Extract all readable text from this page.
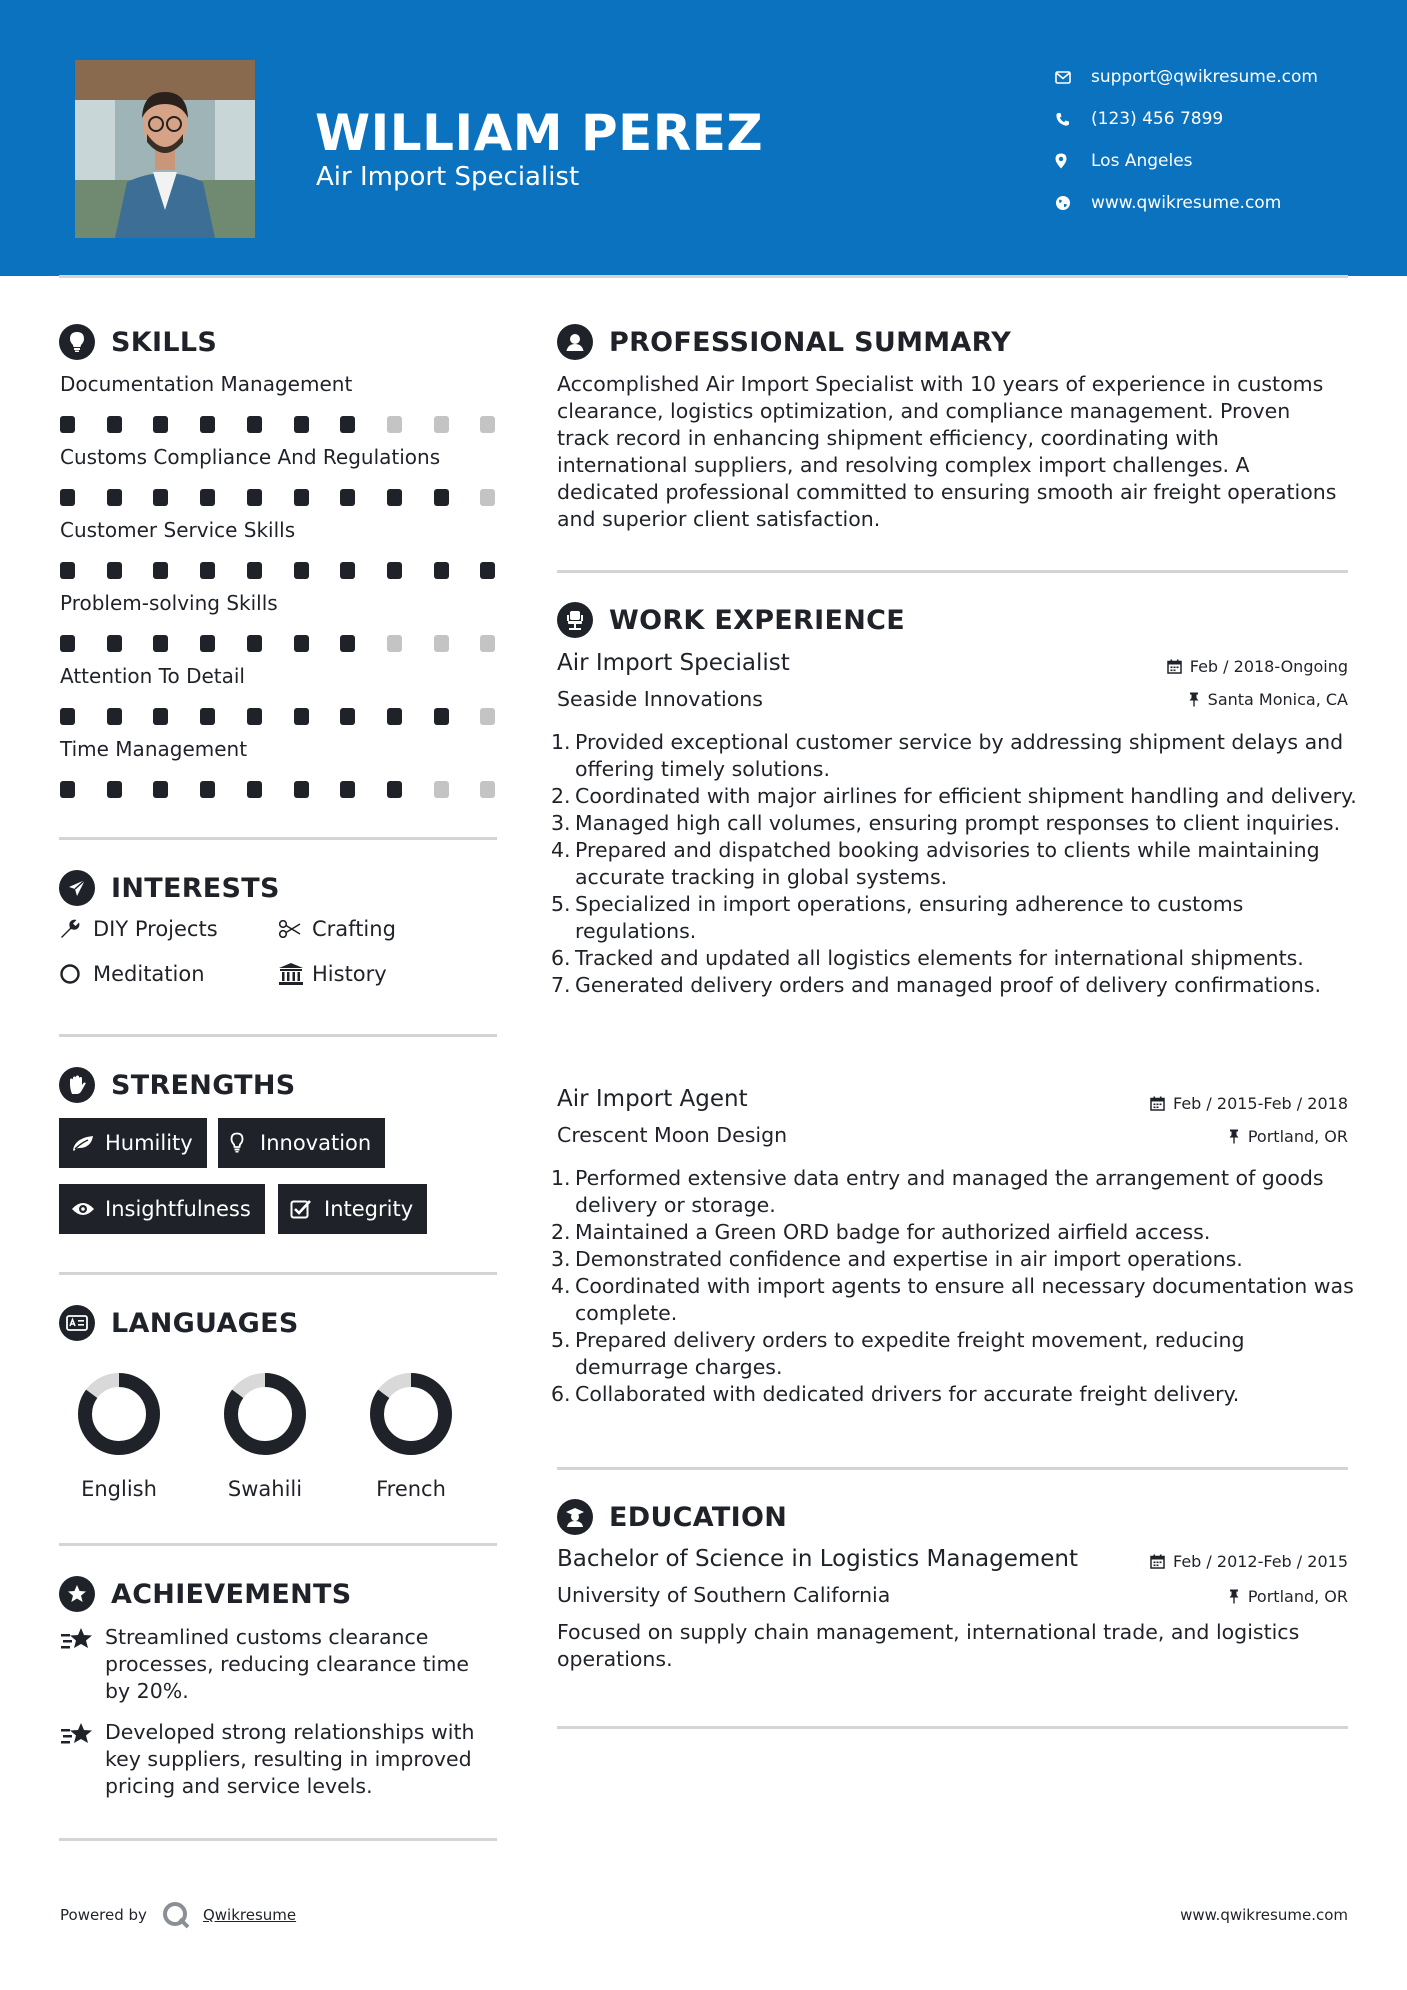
WILLIAM PEREZ
Air Import Specialist
support@qwikresume.com
(123) 456 7899
Los Angeles
www.qwikresume.com
SKILLS
Documentation Management
Customs Compliance And Regulations
Customer Service Skills
Problem-solving Skills
Attention To Detail
Time Management
INTERESTS
DIY Projects	Crafting
Meditation	History
STRENGTHS
Humility	Innovation
Insightfulness	Integrity
LANGUAGES
English	Swahili	French
ACHIEVEMENTS
Streamlined customs clearance processes, reducing clearance time by 20%.
Developed strong relationships with key suppliers, resulting in improved pricing and service levels.
PROFESSIONAL SUMMARY
Accomplished Air Import Specialist with 10 years of experience in customs clearance, logistics optimization, and compliance management. Proven track record in enhancing shipment efficiency, coordinating with international suppliers, and resolving complex import challenges. A dedicated professional committed to ensuring smooth air freight operations and superior client satisfaction.
WORK EXPERIENCE
Air Import Specialist	Feb / 2018-Ongoing
Seaside Innovations	Santa Monica, CA
1. Provided exceptional customer service by addressing shipment delays and offering timely solutions.
2. Coordinated with major airlines for efficient shipment handling and delivery.
3. Managed high call volumes, ensuring prompt responses to client inquiries.
4. Prepared and dispatched booking advisories to clients while maintaining accurate tracking in global systems.
5. Specialized in import operations, ensuring adherence to customs regulations.
6. Tracked and updated all logistics elements for international shipments.
7. Generated delivery orders and managed proof of delivery confirmations.
Air Import Agent	Feb / 2015-Feb / 2018
Crescent Moon Design	Portland, OR
1. Performed extensive data entry and managed the arrangement of goods delivery or storage.
2. Maintained a Green ORD badge for authorized airfield access.
3. Demonstrated confidence and expertise in air import operations.
4. Coordinated with import agents to ensure all necessary documentation was complete.
5. Prepared delivery orders to expedite freight movement, reducing demurrage charges.
6. Collaborated with dedicated drivers for accurate freight delivery.
EDUCATION
Bachelor of Science in Logistics Management	Feb / 2012-Feb / 2015
University of Southern California	Portland, OR
Focused on supply chain management, international trade, and logistics operations.
Powered by	Qwikresume	www.qwikresume.com
